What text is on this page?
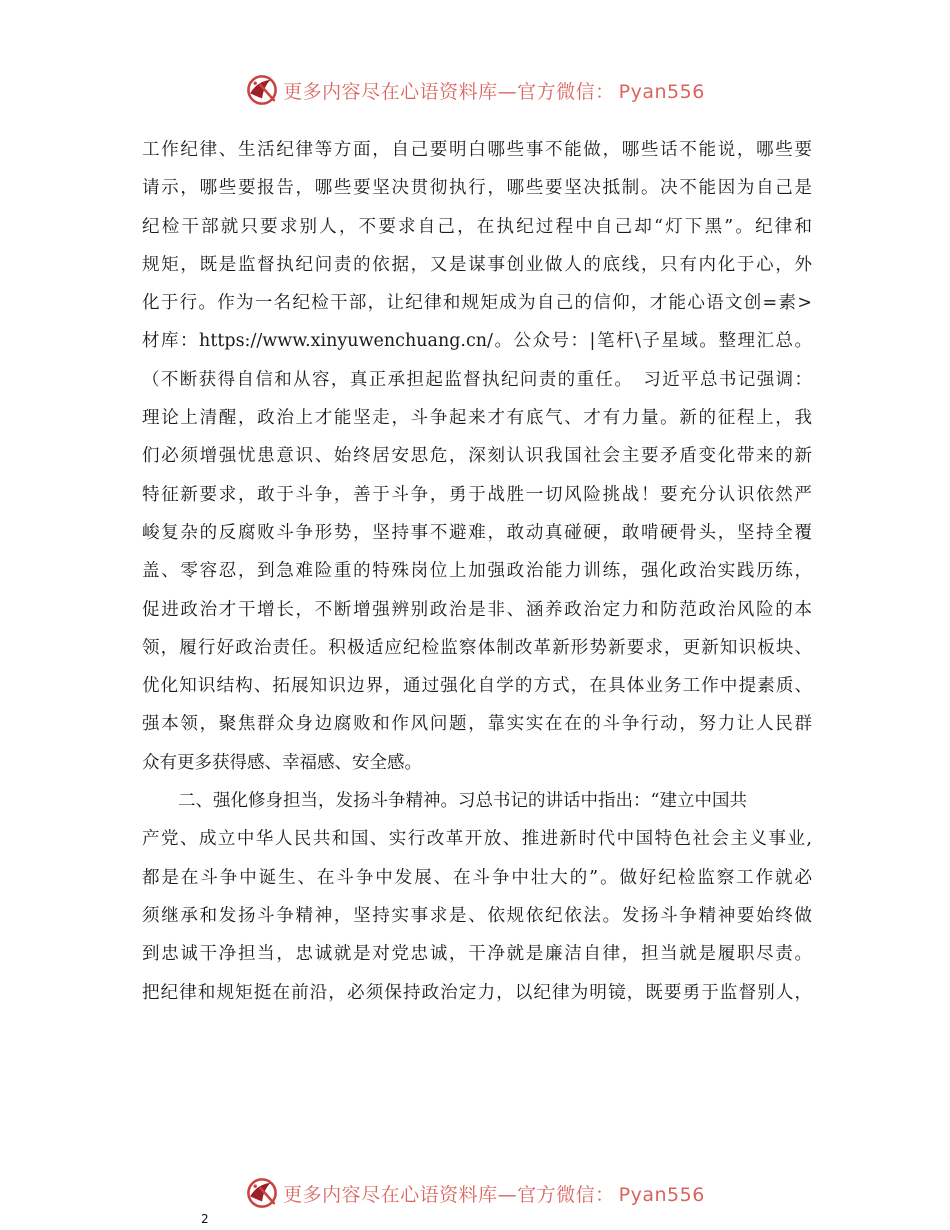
更多内容尽在心语资料库—官方微信： Pyan556
工作纪律、生活纪律等方面，自己要明白哪些事不能做，哪些话不能说，哪些要
请示，哪些要报告，哪些要坚决贯彻执行，哪些要坚决抵制。决不能因为自己是
纪检干部就只要求别人，不要求自己，在执纪过程中自己却“灯下黑”。纪律和
规矩，既是监督执纪问责的依据，又是谋事创业做人的底线，只有内化于心，外
化于行。作为一名纪检干部，让纪律和规矩成为自己的信仰，才能心语文创=素>
材库：https://www.xinyuwenchuang.cn/。公众号：|笔杆\子星域。整理汇总。
（不断获得自信和从容，真正承担起监督执纪问责的重任。　习近平总书记强调：
理论上清醒，政治上才能坚走，斗争起来才有底气、才有力量。新的征程上，我
们必须增强忧患意识、始终居安思危，深刻认识我国社会主要矛盾变化带来的新
特征新要求，敢于斗争，善于斗争，勇于战胜一切风险挑战！要充分认识依然严
峻复杂的反腐败斗争形势，坚持事不避难，敢动真碰硬，敢啃硬骨头，坚持全覆
盖、零容忍，到急难险重的特殊岗位上加强政治能力训练，强化政治实践历练，
促进政治才干增长，不断增强辨别政治是非、涵养政治定力和防范政治风险的本
领，履行好政治责任。积极适应纪检监察体制改革新形势新要求，更新知识板块、
优化知识结构、拓展知识边界，通过强化自学的方式，在具体业务工作中提素质、
强本领，聚焦群众身边腐败和作风问题，靠实实在在的斗争行动，努力让人民群
众有更多获得感、幸福感、安全感。
二、强化修身担当，发扬斗争精神。习总书记的讲话中指出：“建立中国共
产党、成立中华人民共和国、实行改革开放、推进新时代中国特色社会主义事业,
都是在斗争中诞生、在斗争中发展、在斗争中壮大的”。做好纪检监察工作就必
须继承和发扬斗争精神，坚持实事求是、依规依纪依法。发扬斗争精神要始终做
到忠诚干净担当，忠诚就是对党忠诚，干净就是廉洁自律，担当就是履职尽责。
把纪律和规矩挺在前沿，必须保持政治定力，以纪律为明镜，既要勇于监督别人，
更多内容尽在心语资料库—官方微信： Pyan556
2
